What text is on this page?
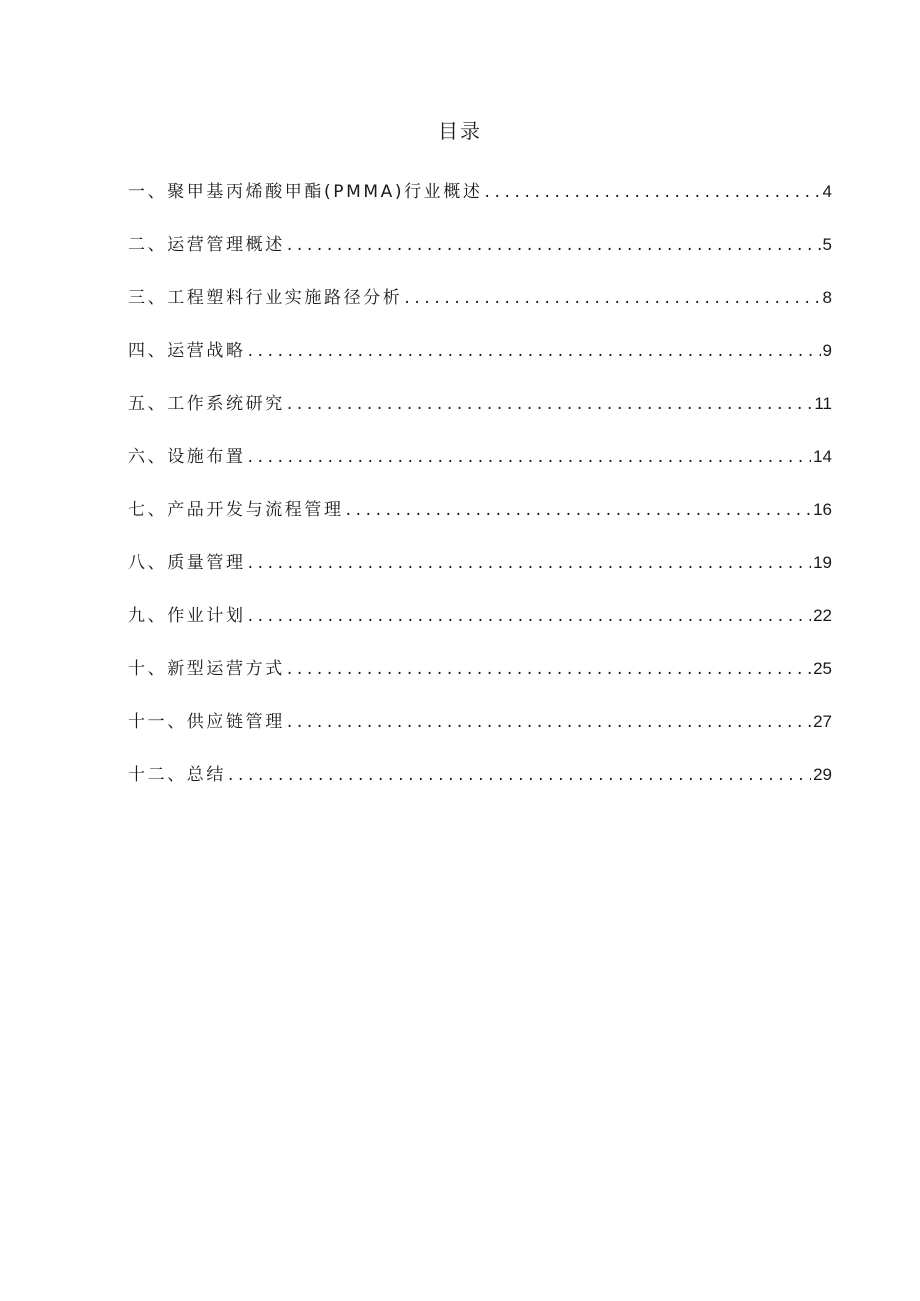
目录
一、聚甲基丙烯酸甲酯(PMMA)行业概述 .....	4
二、运营管理概述 .....	5
三、工程塑料行业实施路径分析 .....	8
四、运营战略 .....	9
五、工作系统研究 .....	11
六、设施布置 .....	14
七、产品开发与流程管理 .....	16
八、质量管理 .....	19
九、作业计划 .....	22
十、新型运营方式 .....	25
十一、供应链管理 .....	27
十二、总结 .....	29
